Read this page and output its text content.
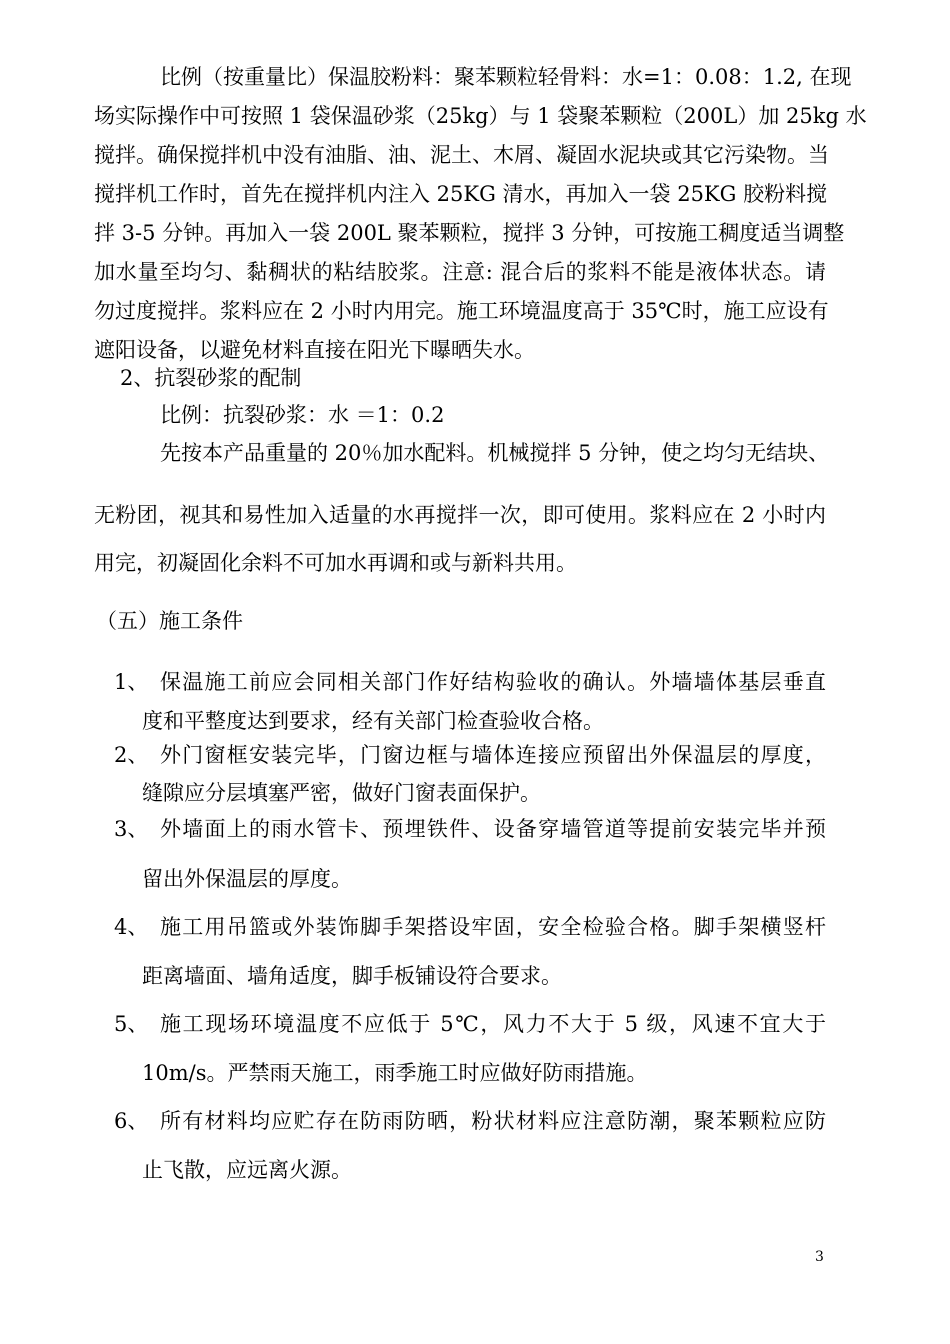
比例（按重量比）保温胶粉料：聚苯颗粒轻骨料：水=1：0.08：1.2, 在现
场实际操作中可按照 1 袋保温砂浆（25kg）与 1 袋聚苯颗粒（200L）加 25kg 水
搅拌。确保搅拌机中没有油脂、油、泥土、木屑、凝固水泥块或其它污染物。当
搅拌机工作时，首先在搅拌机内注入 25KG 清水，再加入一袋 25KG 胶粉料搅
拌 3-5 分钟。再加入一袋 200L 聚苯颗粒，搅拌 3 分钟，可按施工稠度适当调整
加水量至均匀、黏稠状的粘结胶浆。注意: 混合后的浆料不能是液体状态。请
勿过度搅拌。浆料应在 2 小时内用完。施工环境温度高于 35℃时，施工应设有
遮阳设备，以避免材料直接在阳光下曝晒失水。
2、抗裂砂浆的配制
比例：抗裂砂浆：水 ＝1：0.2
先按本产品重量的 20％加水配料。机械搅拌 5 分钟，使之均匀无结块、
无粉团，视其和易性加入适量的水再搅拌一次，即可使用。浆料应在 2 小时内
用完，初凝固化余料不可加水再调和或与新料共用。
（五）施工条件
1、 保温施工前应会同相关部门作好结构验收的确认。外墙墙体基层垂直
度和平整度达到要求，经有关部门检查验收合格。
2、 外门窗框安装完毕，门窗边框与墙体连接应预留出外保温层的厚度，
缝隙应分层填塞严密，做好门窗表面保护。
3、 外墙面上的雨水管卡、预埋铁件、设备穿墙管道等提前安装完毕并预
留出外保温层的厚度。
4、 施工用吊篮或外装饰脚手架搭设牢固，安全检验合格。脚手架横竖杆
距离墙面、墙角适度，脚手板铺设符合要求。
5、 施工现场环境温度不应低于 5℃，风力不大于 5 级，风速不宜大于
10m/s。严禁雨天施工，雨季施工时应做好防雨措施。
6、 所有材料均应贮存在防雨防晒，粉状材料应注意防潮，聚苯颗粒应防
止飞散，应远离火源。
3
